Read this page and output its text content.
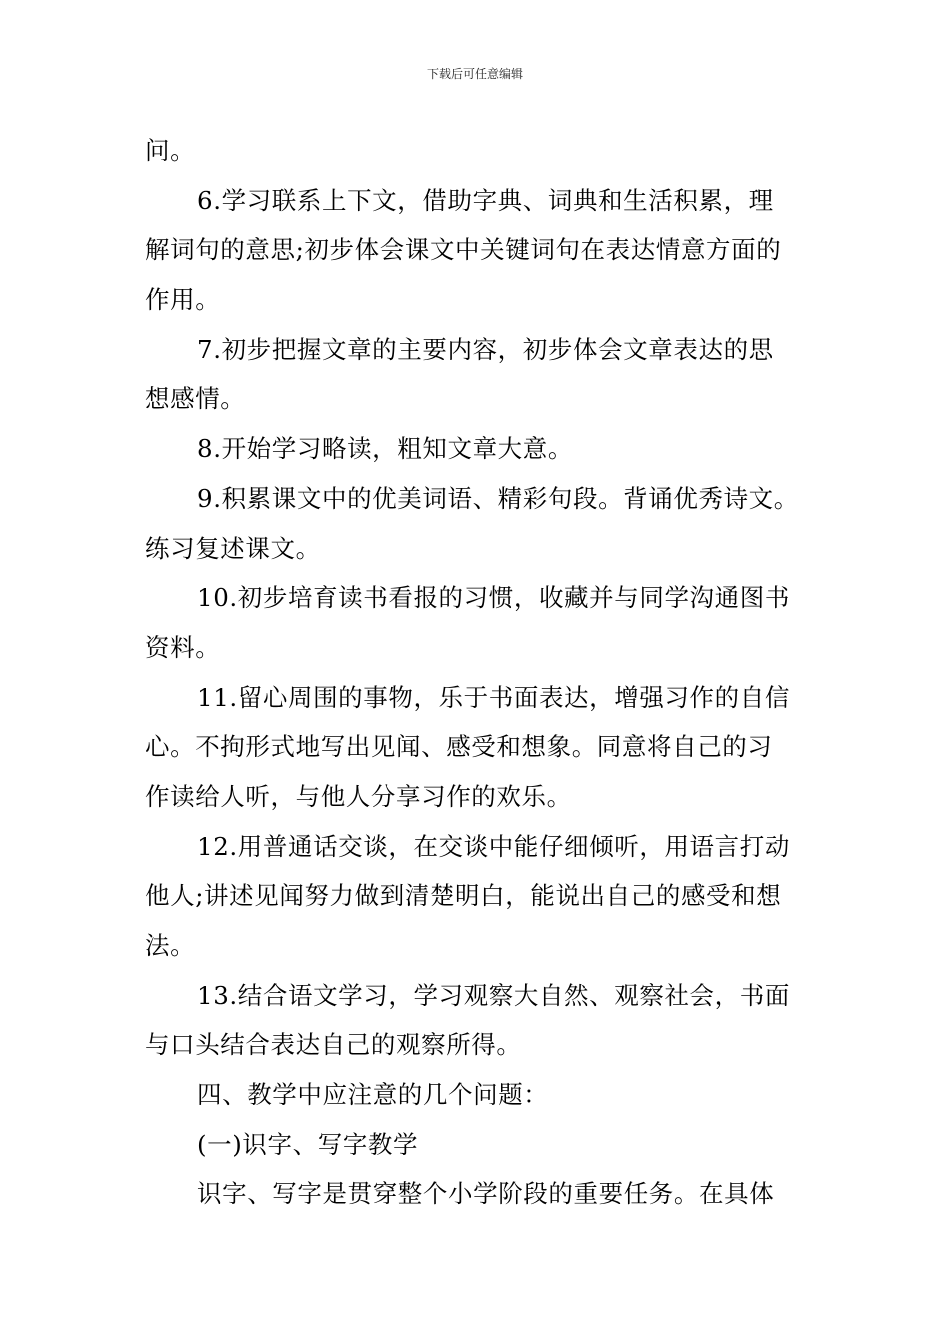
下载后可任意编辑
问。
6.学习联系上下文，借助字典、词典和生活积累，理
解词句的意思;初步体会课文中关键词句在表达情意方面的
作用。
7.初步把握文章的主要内容，初步体会文章表达的思
想感情。
8.开始学习略读，粗知文章大意。
9.积累课文中的优美词语、精彩句段。背诵优秀诗文。
练习复述课文。
10.初步培育读书看报的习惯，收藏并与同学沟通图书
资料。
11.留心周围的事物，乐于书面表达，增强习作的自信
心。不拘形式地写出见闻、感受和想象。同意将自己的习
作读给人听，与他人分享习作的欢乐。
12.用普通话交谈，在交谈中能仔细倾听，用语言打动
他人;讲述见闻努力做到清楚明白，能说出自己的感受和想
法。
13.结合语文学习，学习观察大自然、观察社会，书面
与口头结合表达自己的观察所得。
四、教学中应注意的几个问题：
(一)识字、写字教学
识字、写字是贯穿整个小学阶段的重要任务。在具体
